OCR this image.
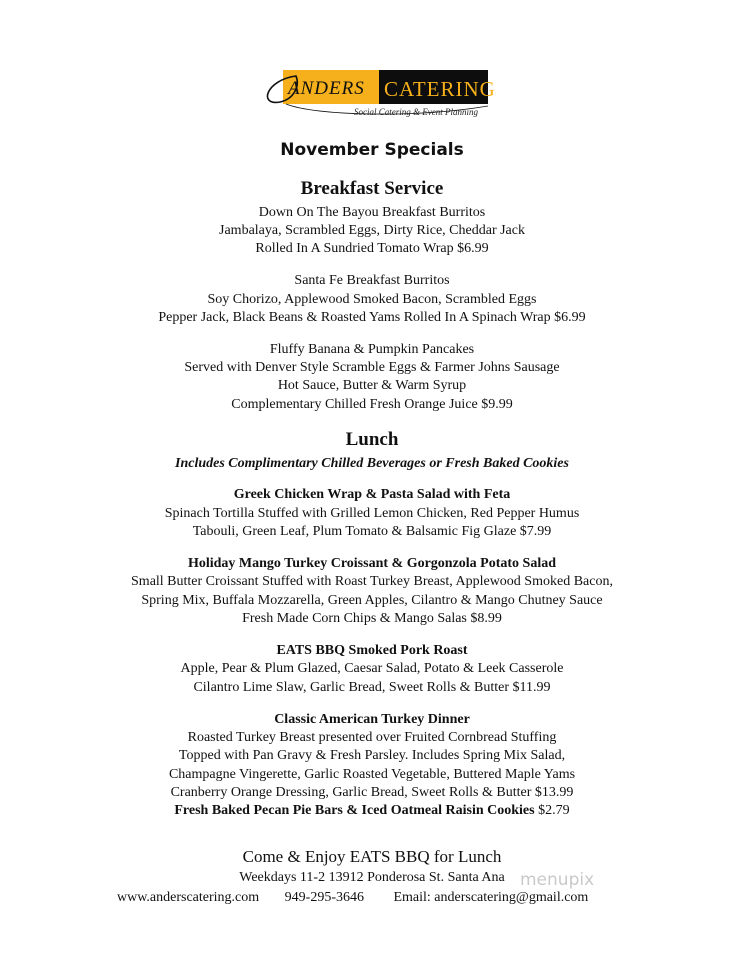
ANDERS CATERING
Social Catering & Event Planning
November Specials
Breakfast Service
Down On The Bayou Breakfast Burritos
Jambalaya, Scrambled Eggs, Dirty Rice, Cheddar Jack
Rolled In A Sundried Tomato Wrap $6.99
Santa Fe Breakfast Burritos
Soy Chorizo, Applewood Smoked Bacon, Scrambled Eggs
Pepper Jack, Black Beans & Roasted Yams Rolled In A Spinach Wrap $6.99
Fluffy Banana & Pumpkin Pancakes
Served with Denver Style Scramble Eggs & Farmer Johns Sausage
Hot Sauce, Butter & Warm Syrup
Complementary Chilled Fresh Orange Juice $9.99
Lunch
Includes Complimentary Chilled Beverages or Fresh Baked Cookies
Greek Chicken Wrap & Pasta Salad with Feta
Spinach Tortilla Stuffed with Grilled Lemon Chicken, Red Pepper Humus
Tabouli, Green Leaf, Plum Tomato & Balsamic Fig Glaze $7.99
Holiday Mango Turkey Croissant & Gorgonzola Potato Salad
Small Butter Croissant Stuffed with Roast Turkey Breast, Applewood Smoked Bacon,
Spring Mix, Buffala Mozzarella, Green Apples, Cilantro & Mango Chutney Sauce
Fresh Made Corn Chips & Mango Salas $8.99
EATS BBQ Smoked Pork Roast
Apple, Pear & Plum Glazed, Caesar Salad, Potato & Leek Casserole
Cilantro Lime Slaw, Garlic Bread, Sweet Rolls & Butter $11.99
Classic American Turkey Dinner
Roasted Turkey Breast presented over Fruited Cornbread Stuffing
Topped with Pan Gravy & Fresh Parsley. Includes Spring Mix Salad,
Champagne Vingerette, Garlic Roasted Vegetable, Buttered Maple Yams
Cranberry Orange Dressing, Garlic Bread, Sweet Rolls & Butter $13.99
Fresh Baked Pecan Pie Bars & Iced Oatmeal Raisin Cookies $2.79
Come & Enjoy EATS BBQ for Lunch
Weekdays 11-2 13912 Ponderosa St. Santa Ana menupix
www.anderscatering.com 949-295-3646 Email: anderscatering@gmail.com
